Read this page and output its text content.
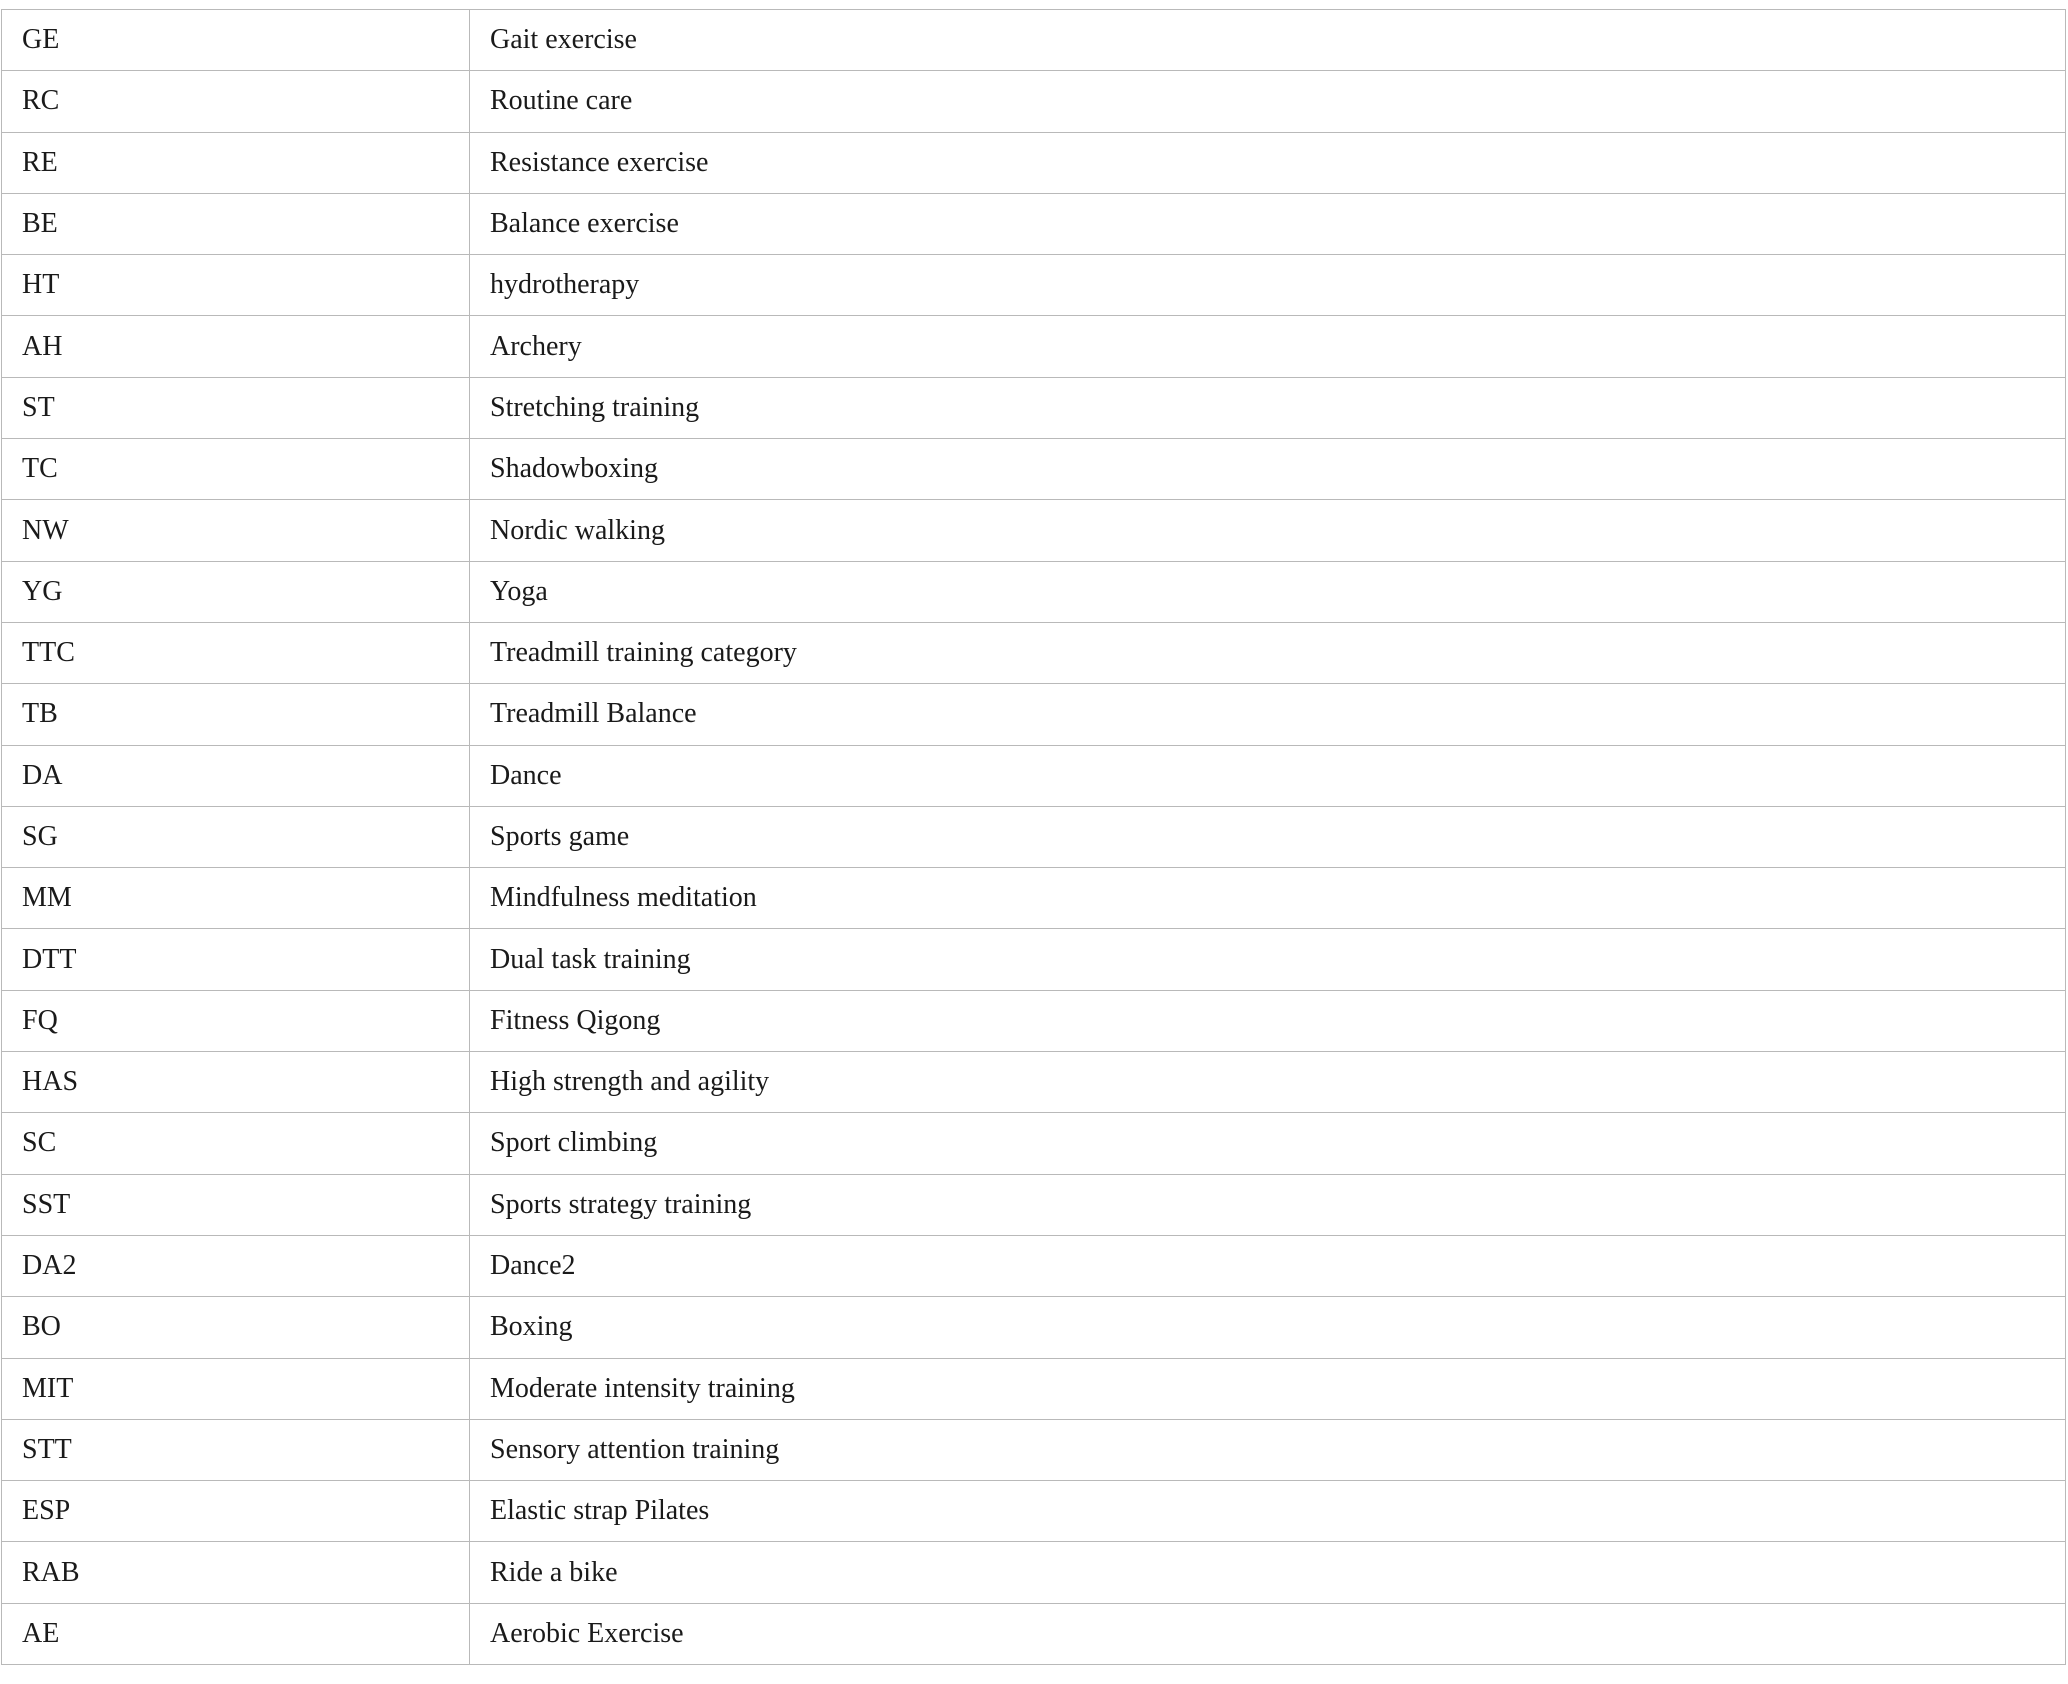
GE	Gait exercise
RC	Routine care
RE	Resistance exercise
BE	Balance exercise
HT	hydrotherapy
AH	Archery
ST	Stretching training
TC	Shadowboxing
NW	Nordic walking
YG	Yoga
TTC	Treadmill training category
TB	Treadmill Balance
DA	Dance
SG	Sports game
MM	Mindfulness meditation
DTT	Dual task training
FQ	Fitness Qigong
HAS	High strength and agility
SC	Sport climbing
SST	Sports strategy training
DA2	Dance2
BO	Boxing
MIT	Moderate intensity training
STT	Sensory attention training
ESP	Elastic strap Pilates
RAB	Ride a bike
AE	Aerobic Exercise
